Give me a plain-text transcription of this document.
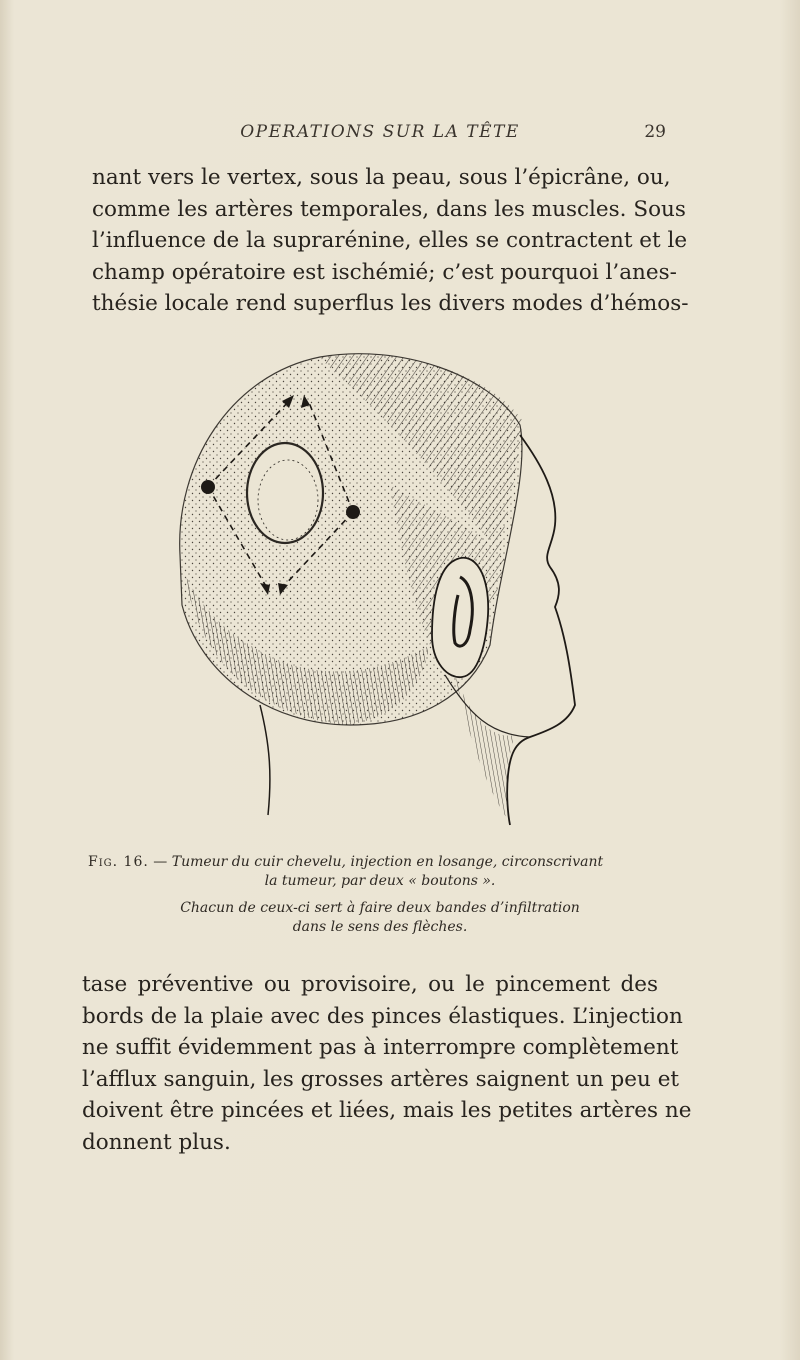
OPERATIONS SUR LA TÊTE	29
nant vers le vertex, sous la peau, sous l’épicrâne, ou,
comme les artères temporales, dans les muscles. Sous
l’influence de la suprarénine, elles se contractent et le
champ opératoire est ischémié; c’est pourquoi l’anes-
thésie locale rend superflus les divers modes d’hémos-
Fig. 16. — Tumeur du cuir chevelu, injection en losange, circonscrivant
la tumeur, par deux « boutons ».
Chacun de ceux-ci sert à faire deux bandes d’infiltration
dans le sens des flèches.
tase préventive ou provisoire, ou le pincement des
bords de la plaie avec des pinces élastiques. L’injection
ne suffit évidemment pas à interrompre complètement
l’afflux sanguin, les grosses artères saignent un peu et
doivent être pincées et liées, mais les petites artères ne
donnent plus.
